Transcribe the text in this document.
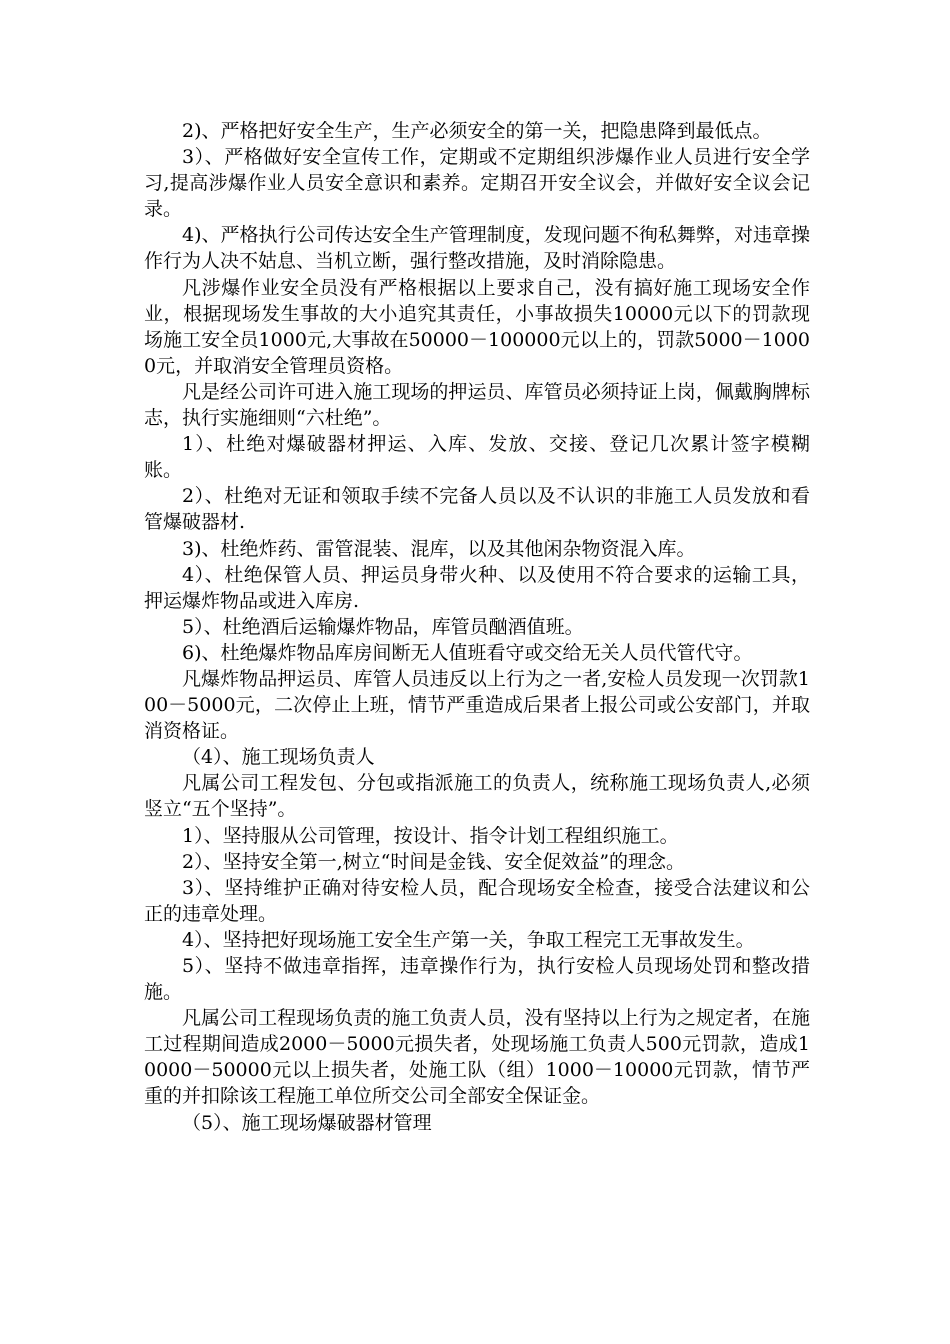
2)、严格把好安全生产，生产必须安全的第一关，把隐患降到最低点。

3）、严格做好安全宣传工作，定期或不定期组织涉爆作业人员进行安全学习,提高涉爆作业人员安全意识和素养。定期召开安全议会，并做好安全议会记录。

4)、严格执行公司传达安全生产管理制度，发现问题不徇私舞弊，对违章操作行为人决不姑息、当机立断，强行整改措施，及时消除隐患。

凡涉爆作业安全员没有严格根据以上要求自己，没有搞好施工现场安全作业，根据现场发生事故的大小追究其责任，小事故损失10000元以下的罚款现场施工安全员1000元,大事故在50000－100000元以上的，罚款5000－10000元，并取消安全管理员资格。

凡是经公司许可进入施工现场的押运员、库管员必须持证上岗，佩戴胸牌标志，执行实施细则“六杜绝”。

1）、杜绝对爆破器材押运、入库、发放、交接、登记几次累计签字模糊账。

2）、杜绝对无证和领取手续不完备人员以及不认识的非施工人员发放和看管爆破器材.

3)、杜绝炸药、雷管混装、混库，以及其他闲杂物资混入库。

4）、杜绝保管人员、押运员身带火种、以及使用不符合要求的运输工具，押运爆炸物品或进入库房.

5）、杜绝酒后运输爆炸物品，库管员酗酒值班。

6)、杜绝爆炸物品库房间断无人值班看守或交给无关人员代管代守。

凡爆炸物品押运员、库管人员违反以上行为之一者,安检人员发现一次罚款100－5000元，二次停止上班，情节严重造成后果者上报公司或公安部门，并取消资格证。

（4）、施工现场负责人

凡属公司工程发包、分包或指派施工的负责人，统称施工现场负责人,必须竖立“五个坚持”。

1）、坚持服从公司管理，按设计、指令计划工程组织施工。

2）、坚持安全第一,树立“时间是金钱、安全促效益”的理念。

3）、坚持维护正确对待安检人员，配合现场安全检查，接受合法建议和公正的违章处理。

4）、坚持把好现场施工安全生产第一关，争取工程完工无事故发生。

5）、坚持不做违章指挥，违章操作行为，执行安检人员现场处罚和整改措施。

凡属公司工程现场负责的施工负责人员，没有坚持以上行为之规定者，在施工过程期间造成2000－5000元损失者，处现场施工负责人500元罚款，造成10000－50000元以上损失者，处施工队（组）1000－10000元罚款，情节严重的并扣除该工程施工单位所交公司全部安全保证金。

（5）、施工现场爆破器材管理
